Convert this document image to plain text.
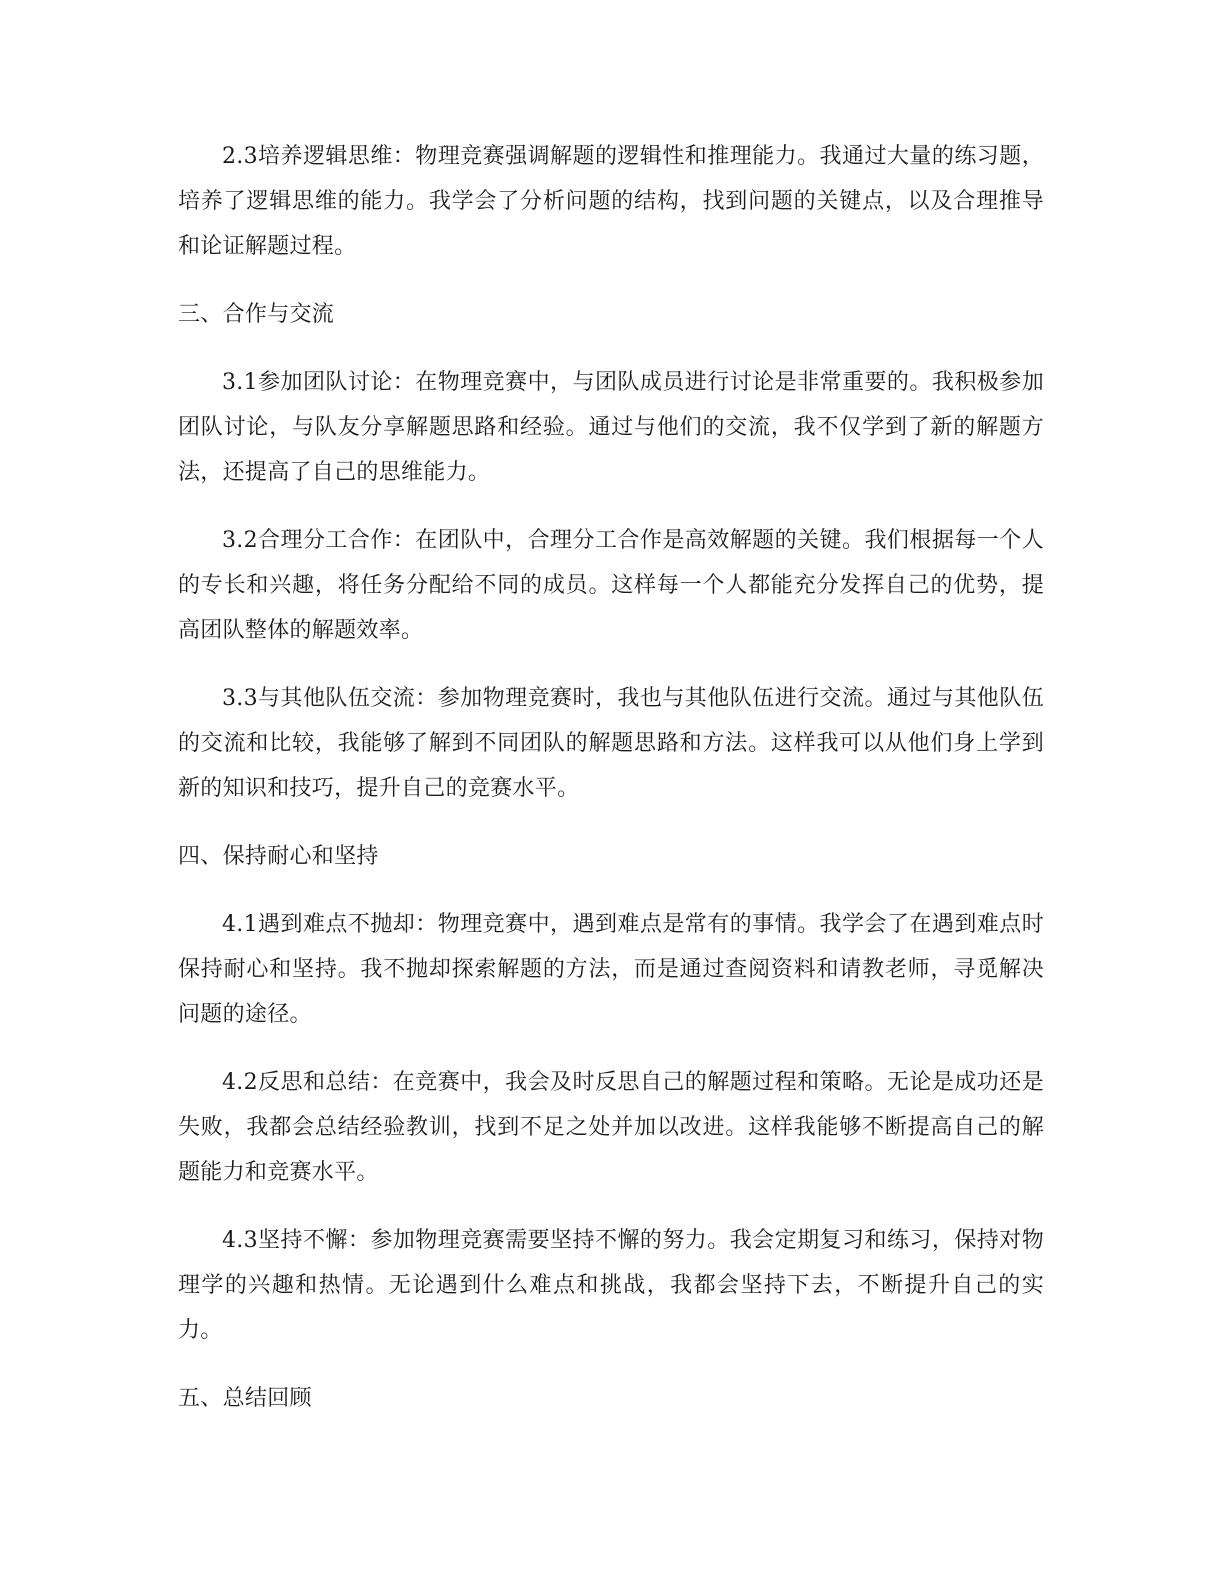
2.3培养逻辑思维：物理竞赛强调解题的逻辑性和推理能力。我通过大量的练习题，培养了逻辑思维的能力。我学会了分析问题的结构，找到问题的关键点，以及合理推导和论证解题过程。

三、合作与交流

3.1参加团队讨论：在物理竞赛中，与团队成员进行讨论是非常重要的。我积极参加团队讨论，与队友分享解题思路和经验。通过与他们的交流，我不仅学到了新的解题方法，还提高了自己的思维能力。

3.2合理分工合作：在团队中，合理分工合作是高效解题的关键。我们根据每一个人的专长和兴趣，将任务分配给不同的成员。这样每一个人都能充分发挥自己的优势，提高团队整体的解题效率。

3.3与其他队伍交流：参加物理竞赛时，我也与其他队伍进行交流。通过与其他队伍的交流和比较，我能够了解到不同团队的解题思路和方法。这样我可以从他们身上学到新的知识和技巧，提升自己的竞赛水平。

四、保持耐心和坚持

4.1遇到难点不抛却：物理竞赛中，遇到难点是常有的事情。我学会了在遇到难点时保持耐心和坚持。我不抛却探索解题的方法，而是通过查阅资料和请教老师，寻觅解决问题的途径。

4.2反思和总结：在竞赛中，我会及时反思自己的解题过程和策略。无论是成功还是失败，我都会总结经验教训，找到不足之处并加以改进。这样我能够不断提高自己的解题能力和竞赛水平。

4.3坚持不懈：参加物理竞赛需要坚持不懈的努力。我会定期复习和练习，保持对物理学的兴趣和热情。无论遇到什么难点和挑战，我都会坚持下去，不断提升自己的实力。

五、总结回顾
